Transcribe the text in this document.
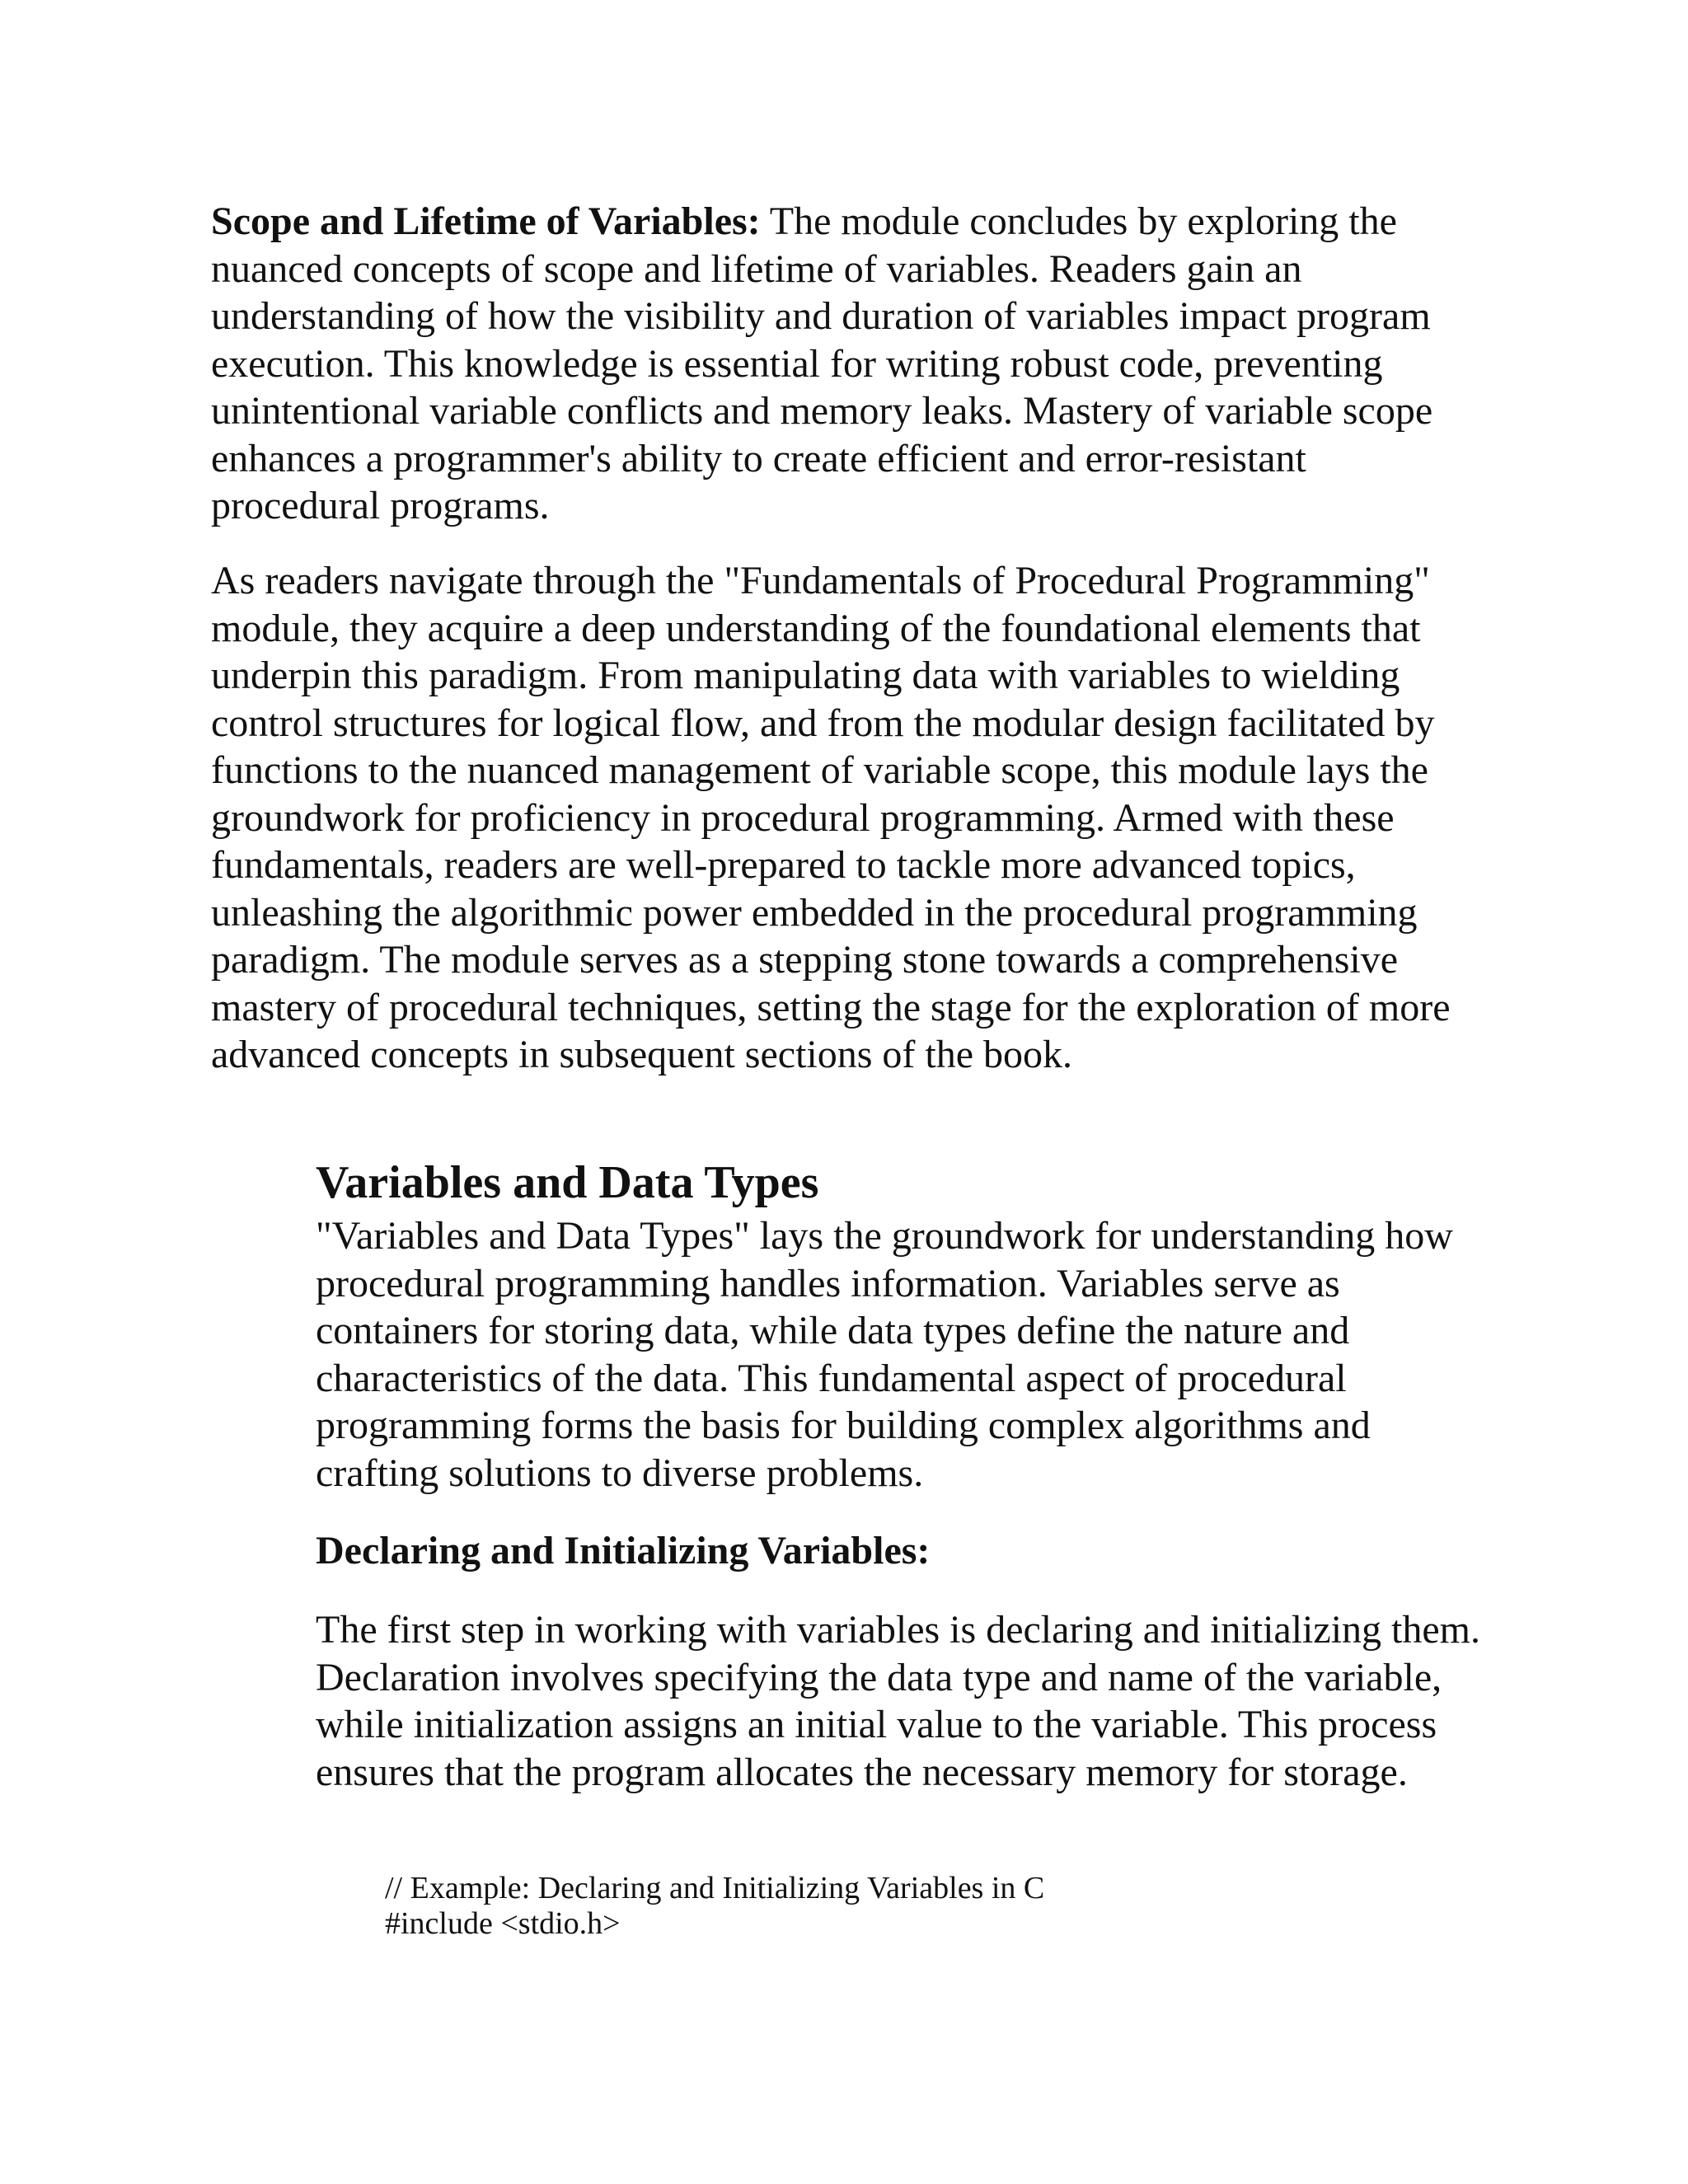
Scope and Lifetime of Variables: The module concludes by exploring the nuanced concepts of scope and lifetime of variables. Readers gain an understanding of how the visibility and duration of variables impact program execution. This knowledge is essential for writing robust code, preventing unintentional variable conflicts and memory leaks. Mastery of variable scope enhances a programmer's ability to create efficient and error-resistant procedural programs.

As readers navigate through the "Fundamentals of Procedural Programming" module, they acquire a deep understanding of the foundational elements that underpin this paradigm. From manipulating data with variables to wielding control structures for logical flow, and from the modular design facilitated by functions to the nuanced management of variable scope, this module lays the groundwork for proficiency in procedural programming. Armed with these fundamentals, readers are well-prepared to tackle more advanced topics, unleashing the algorithmic power embedded in the procedural programming paradigm. The module serves as a stepping stone towards a comprehensive mastery of procedural techniques, setting the stage for the exploration of more advanced concepts in subsequent sections of the book.

Variables and Data Types

"Variables and Data Types" lays the groundwork for understanding how procedural programming handles information. Variables serve as containers for storing data, while data types define the nature and characteristics of the data. This fundamental aspect of procedural programming forms the basis for building complex algorithms and crafting solutions to diverse problems.

Declaring and Initializing Variables:

The first step in working with variables is declaring and initializing them. Declaration involves specifying the data type and name of the variable, while initialization assigns an initial value to the variable. This process ensures that the program allocates the necessary memory for storage.

// Example: Declaring and Initializing Variables in C
#include <stdio.h>
